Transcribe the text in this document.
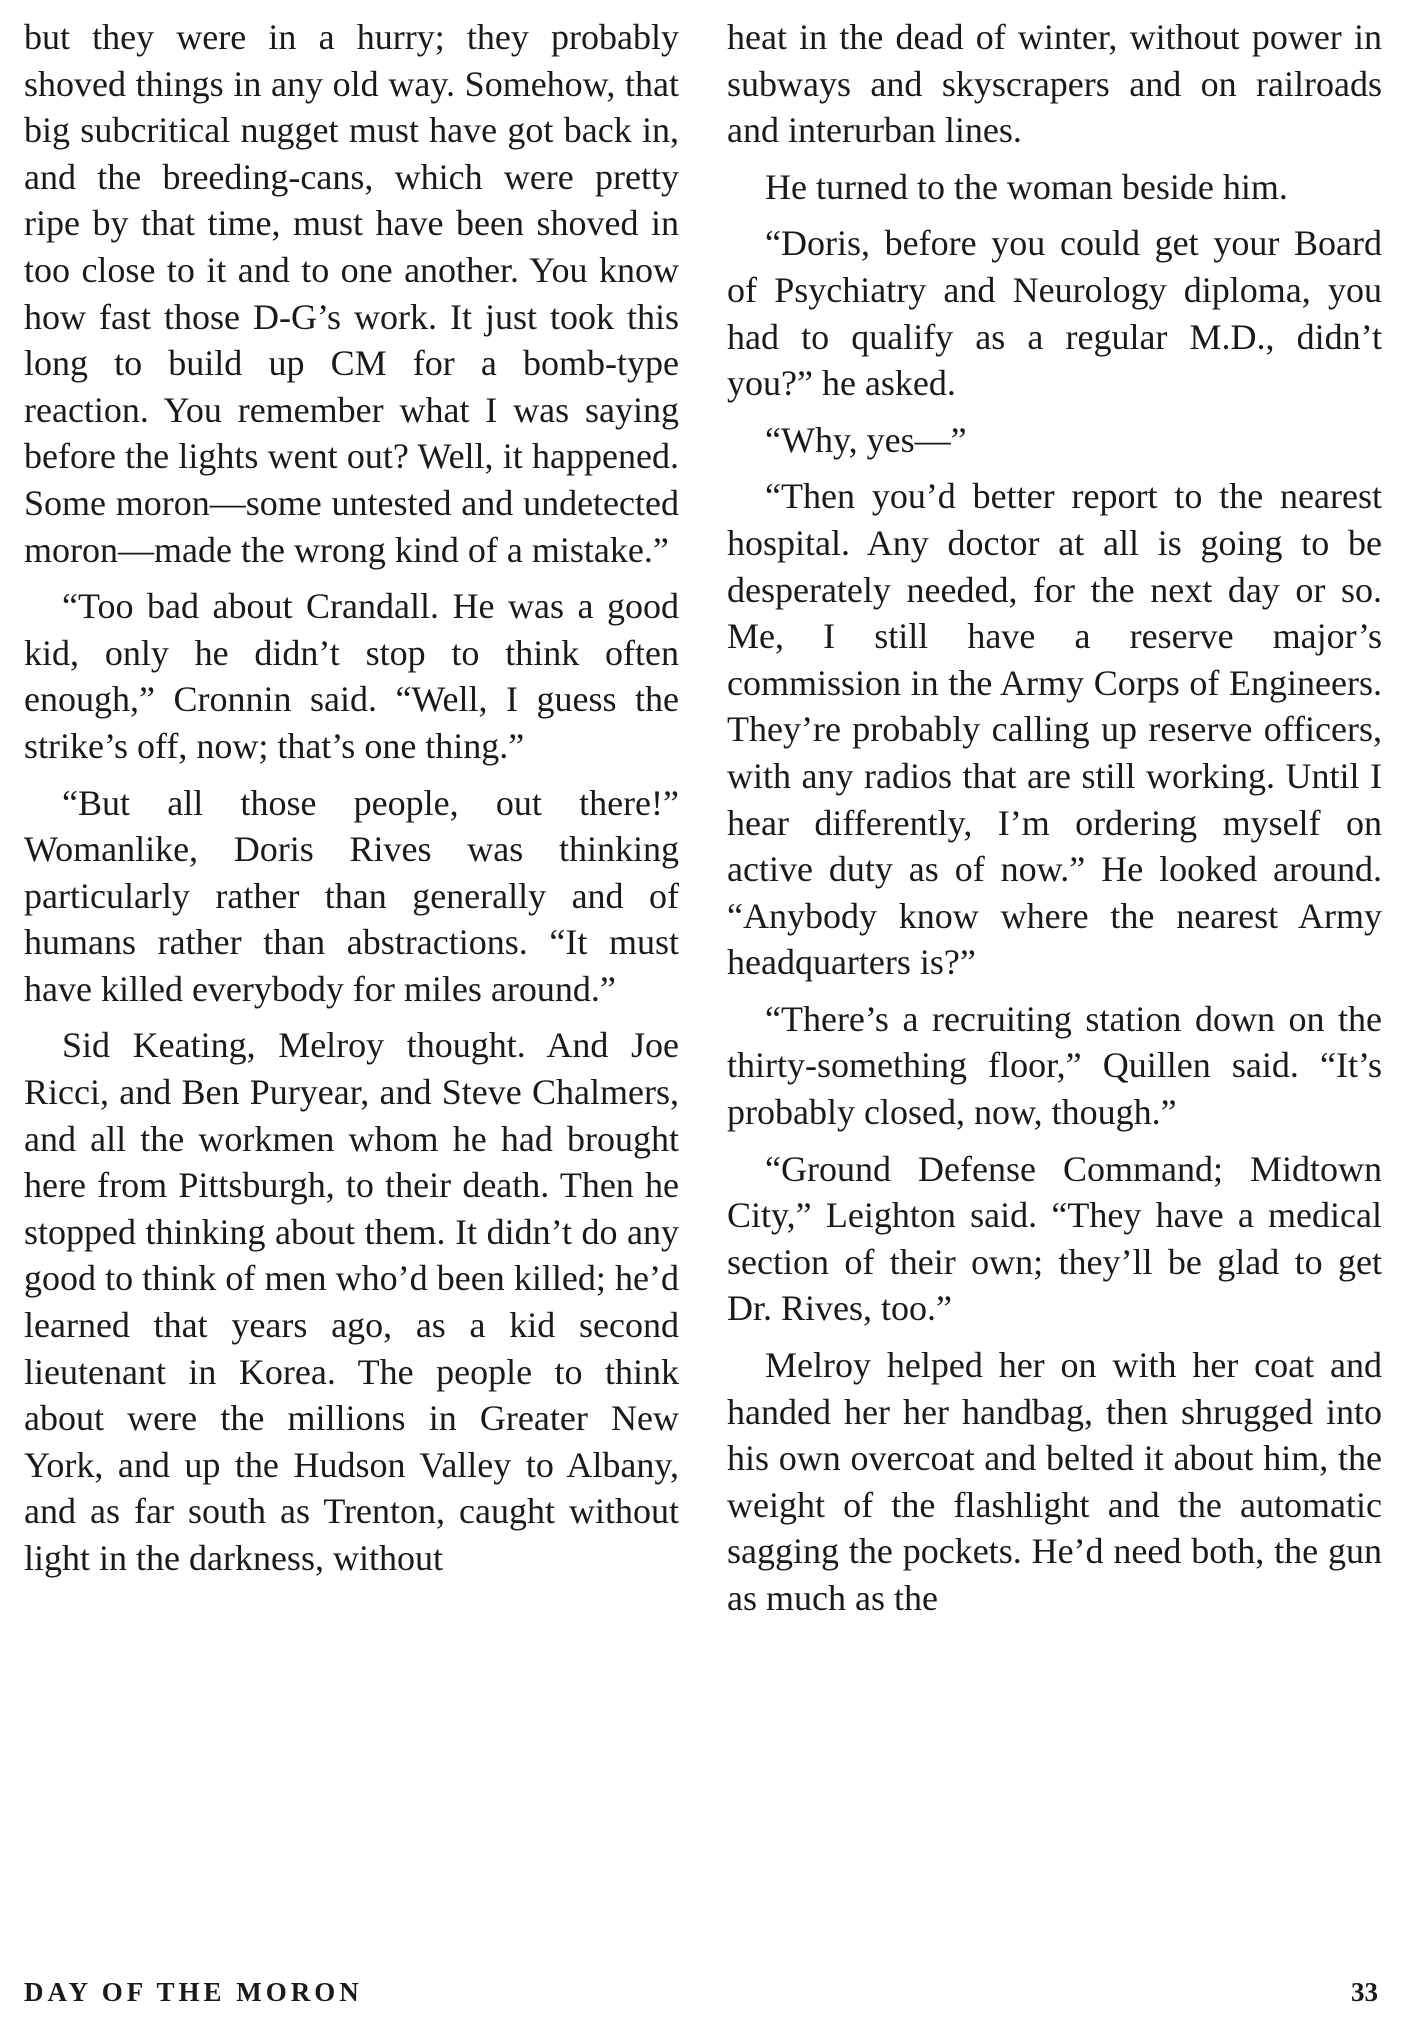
but they were in a hurry; they probably shoved things in any old way. Somehow, that big subcritical nugget must have got back in, and the breeding-cans, which were pretty ripe by that time, must have been shoved in too close to it and to one another. You know how fast those D-G’s work. It just took this long to build up CM for a bomb-type reaction. You remember what I was saying before the lights went out? Well, it happened. Some moron—some untested and undetected moron—made the wrong kind of a mistake.”

“Too bad about Crandall. He was a good kid, only he didn’t stop to think often enough,” Cronnin said. “Well, I guess the strike’s off, now; that’s one thing.”

“But all those people, out there!” Womanlike, Doris Rives was thinking particularly rather than generally and of humans rather than abstractions. “It must have killed everybody for miles around.”

Sid Keating, Melroy thought. And Joe Ricci, and Ben Puryear, and Steve Chalmers, and all the workmen whom he had brought here from Pittsburgh, to their death. Then he stopped thinking about them. It didn’t do any good to think of men who’d been killed; he’d learned that years ago, as a kid second lieutenant in Korea. The people to think about were the millions in Greater New York, and up the Hudson Valley to Albany, and as far south as Trenton, caught without light in the darkness, without

heat in the dead of winter, without power in subways and skyscrapers and on railroads and interurban lines.

He turned to the woman beside him.

“Doris, before you could get your Board of Psychiatry and Neurology diploma, you had to qualify as a regular M.D., didn’t you?” he asked.

“Why, yes—”

“Then you’d better report to the nearest hospital. Any doctor at all is going to be desperately needed, for the next day or so. Me, I still have a reserve major’s commission in the Army Corps of Engineers. They’re probably calling up reserve officers, with any radios that are still working. Until I hear differently, I’m ordering myself on active duty as of now.” He looked around. “Anybody know where the nearest Army headquarters is?”

“There’s a recruiting station down on the thirty-something floor,” Quillen said. “It’s probably closed, now, though.”

“Ground Defense Command; Midtown City,” Leighton said. “They have a medical section of their own; they’ll be glad to get Dr. Rives, too.”

Melroy helped her on with her coat and handed her her handbag, then shrugged into his own overcoat and belted it about him, the weight of the flashlight and the automatic sagging the pockets. He’d need both, the gun as much as the

DAY OF THE MORON	33
